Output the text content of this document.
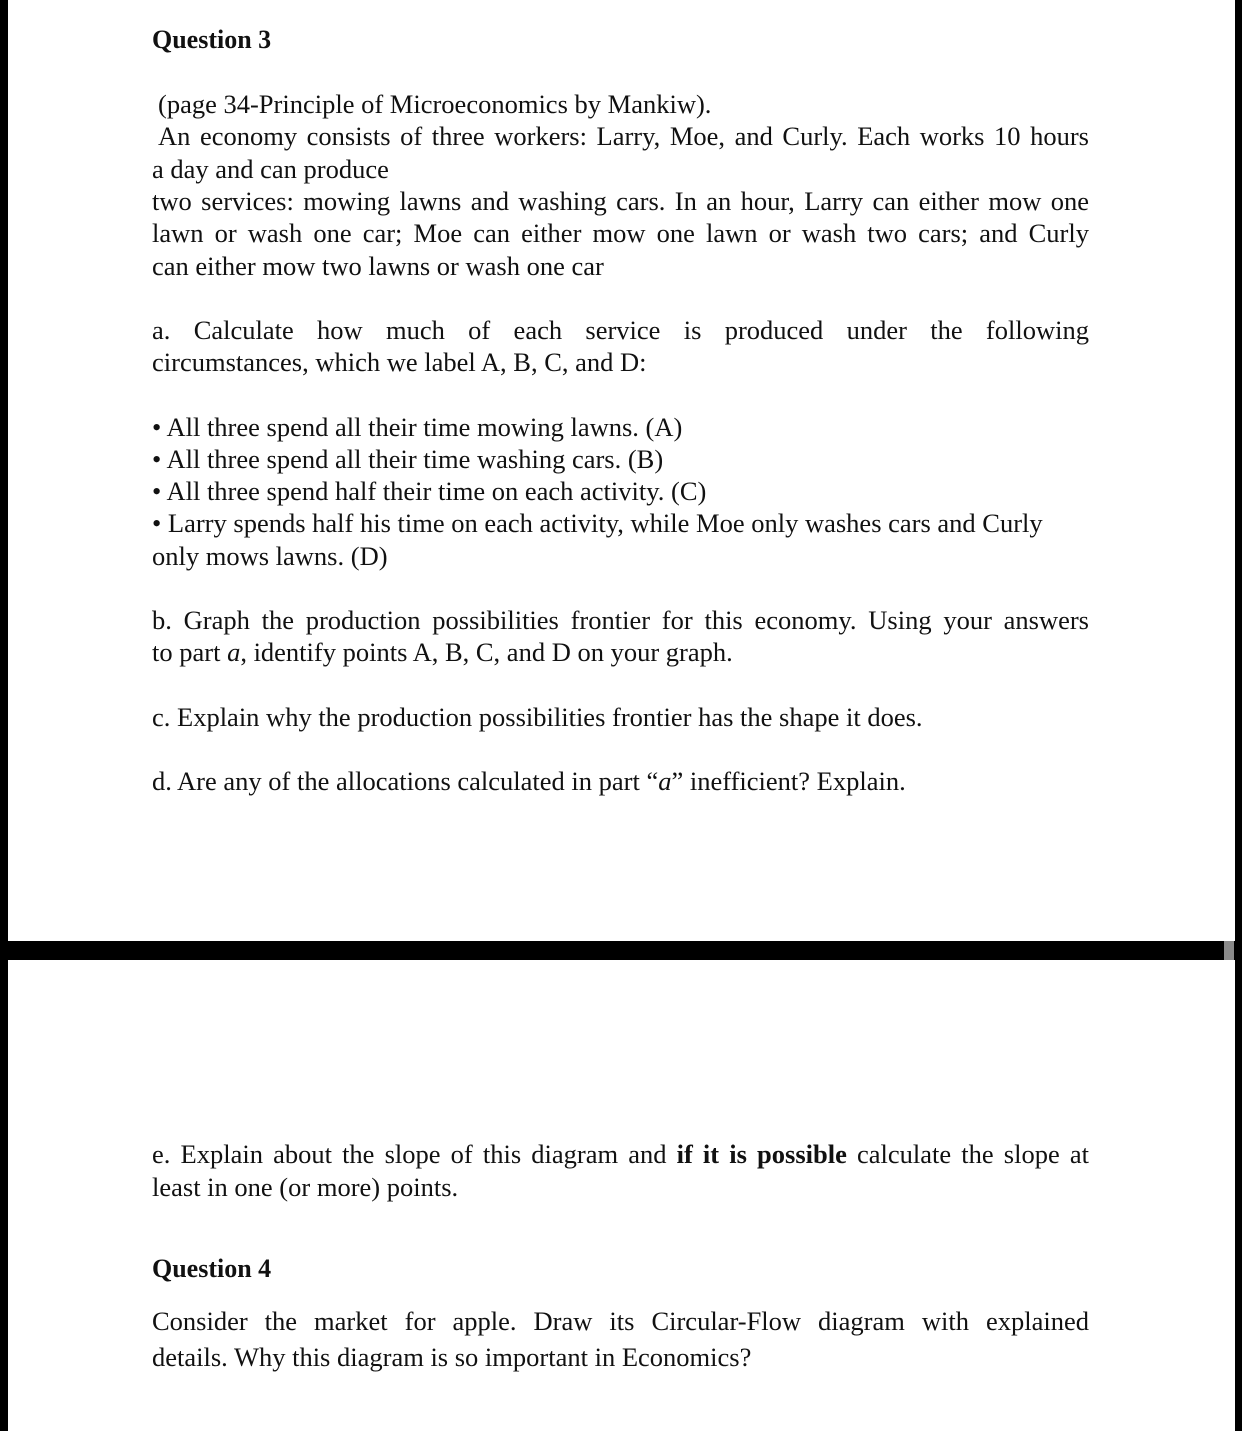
Question 3
(page 34-Principle of Microeconomics by Mankiw).
An economy consists of three workers: Larry, Moe, and Curly. Each works 10 hours
a day and can produce
two services: mowing lawns and washing cars. In an hour, Larry can either mow one
lawn or wash one car; Moe can either mow one lawn or wash two cars; and Curly
can either mow two lawns or wash one car
a. Calculate how much of each service is produced under the following
circumstances, which we label A, B, C, and D:
• All three spend all their time mowing lawns. (A)
• All three spend all their time washing cars. (B)
• All three spend half their time on each activity. (C)
• Larry spends half his time on each activity, while Moe only washes cars and Curly
only mows lawns. (D)
b. Graph the production possibilities frontier for this economy. Using your answers
to part a, identify points A, B, C, and D on your graph.
c. Explain why the production possibilities frontier has the shape it does.
d. Are any of the allocations calculated in part “a” inefficient? Explain.
e. Explain about the slope of this diagram and if it is possible calculate the slope at
least in one (or more) points.
Question 4
Consider the market for apple. Draw its Circular-Flow diagram with explained
details. Why this diagram is so important in Economics?
